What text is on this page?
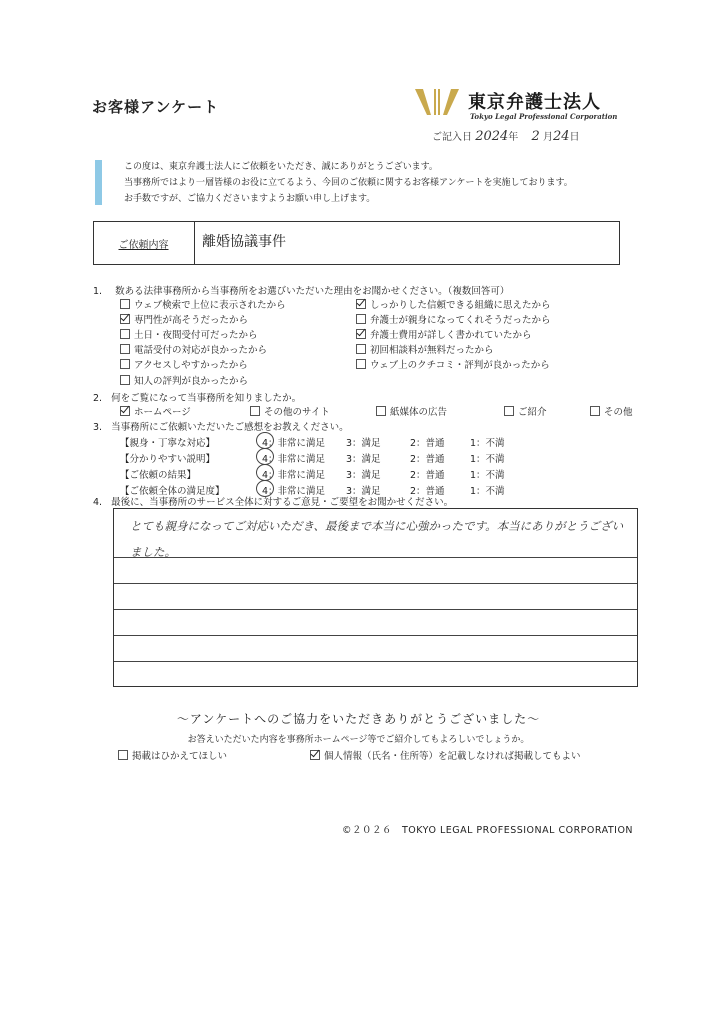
お客様アンケート	東京弁護士法人
Tokyo Legal Professional Corporation
ご記入日 2024年 2 月24日
この度は、東京弁護士法人にご依頼をいただき、誠にありがとうございます。
当事務所ではより一層皆様のお役に立てるよう、今回のご依頼に関するお客様アンケートを実施しております。
お手数ですが、ご協力くださいますようお願い申し上げます。
ご依頼内容	離婚協議事件
1. 数ある法律事務所から当事務所をお選びいただいた理由をお聞かせください。（複数回答可）
ウェブ検索で上位に表示されたから	しっかりした信頼できる組織に思えたから
専門性が高そうだったから	弁護士が親身になってくれそうだったから
土日・夜間受付可だったから	弁護士費用が詳しく書かれていたから
電話受付の対応が良かったから	初回相談料が無料だったから
アクセスしやすかったから	ウェブ上のクチコミ・評判が良かったから
知人の評判が良かったから
2. 何をご覧になって当事務所を知りましたか。
ホームページ	その他のサイト	紙媒体の広告	ご紹介	その他
3. 当事務所にご依頼いただいたご感想をお教えください。
【親身・丁寧な対応】	4：非常に満足 3：満足	2：普通	1：不満
【分かりやすい説明】	4：非常に満足 3：満足	2：普通	1：不満
【ご依頼の結果】	4：非常に満足 3：満足	2：普通	1：不満
【ご依頼全体の満足度】	4：非常に満足 3：満足	2：普通	1：不満
4. 最後に、当事務所のサービス全体に対するご意見・ご要望をお聞かせください。
とても親身になってご対応いただき、最後まで本当に心強かったです。本当にありがとうございました。
～アンケートへのご協力をいただきありがとうございました～
お答えいただいた内容を事務所ホームページ等でご紹介してもよろしいでしょうか。
掲載はひかえてほしい	個人情報（氏名・住所等）を記載しなければ掲載してもよい
©２０２６　TOKYO LEGAL PROFESSIONAL CORPORATION
